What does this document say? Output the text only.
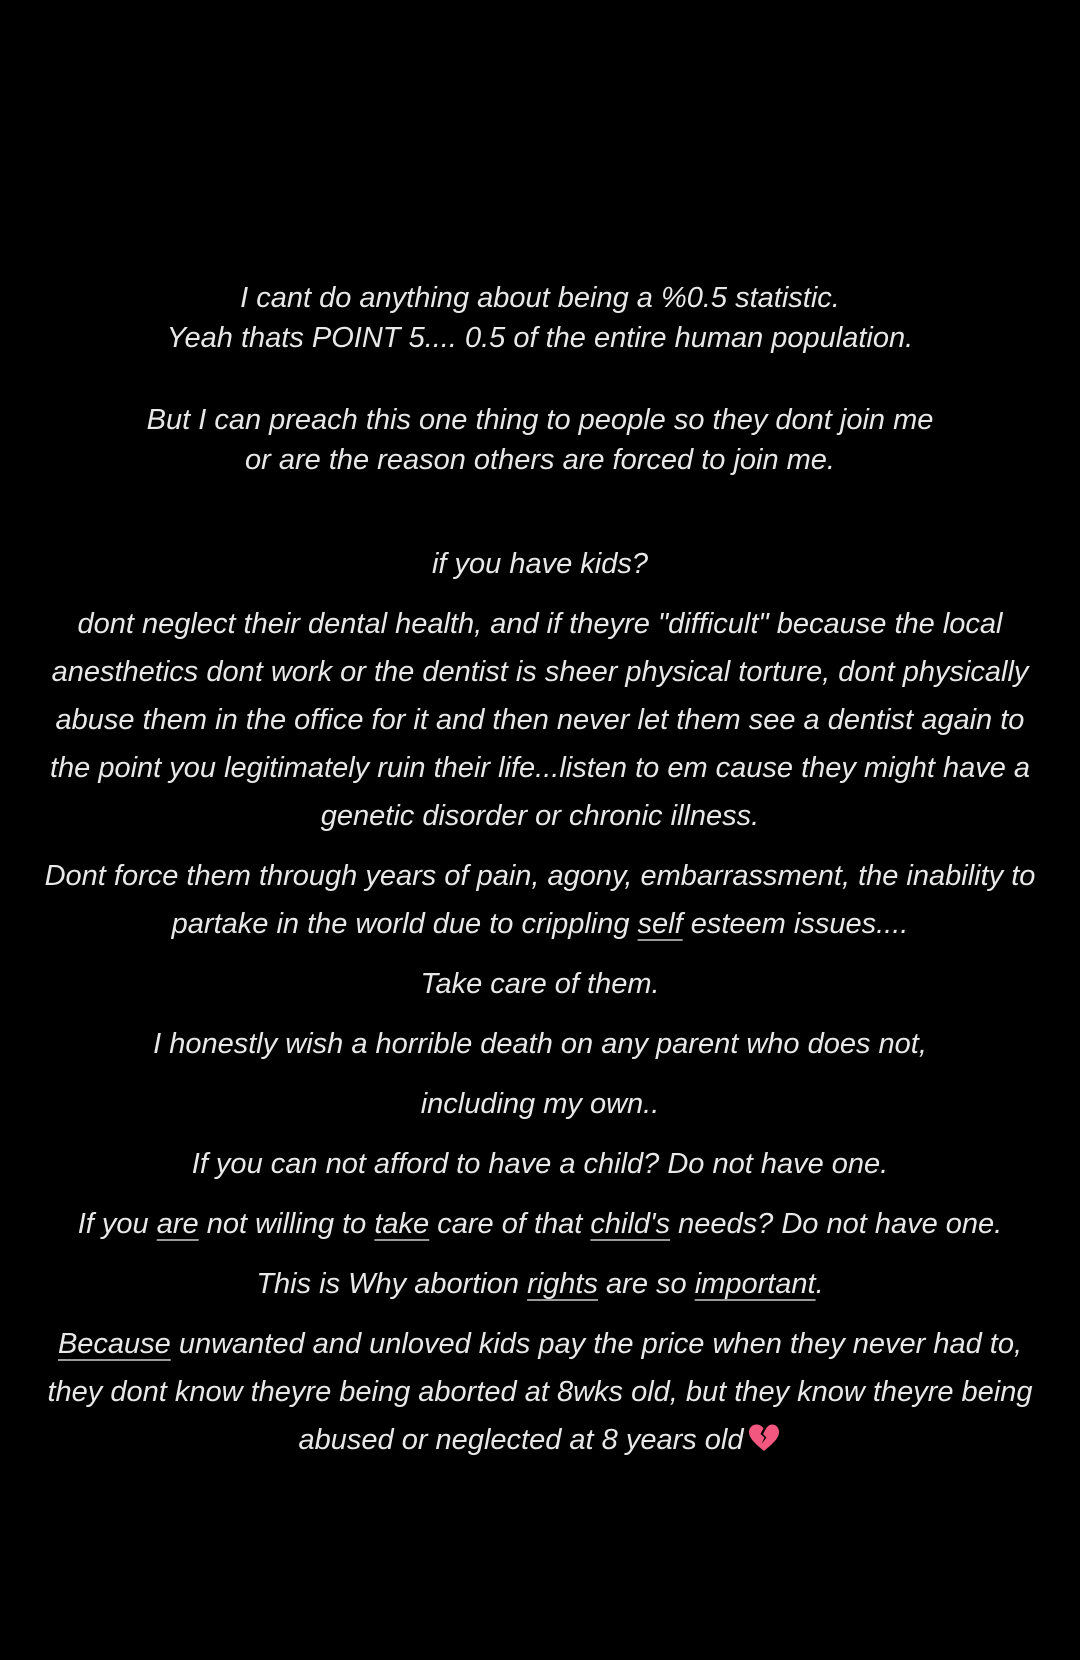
I cant do anything about being a %0.5 statistic.
Yeah thats POINT 5.... 0.5 of the entire human population.
But I can preach this one thing to people so they dont join me
or are the reason others are forced to join me.

if you have kids?

dont neglect their dental health, and if theyre "difficult" because the local anesthetics dont work or the dentist is sheer physical torture, dont physically abuse them in the office for it and then never let them see a dentist again to the point you legitimately ruin their life...listen to em cause they might have a genetic disorder or chronic illness.

Dont force them through years of pain, agony, embarrassment, the inability to partake in the world due to crippling self esteem issues....

Take care of them.

I honestly wish a horrible death on any parent who does not,

including my own..

If you can not afford to have a child? Do not have one.

If you are not willing to take care of that child's needs? Do not have one.

This is Why abortion rights are so important.

Because unwanted and unloved kids pay the price when they never had to, they dont know theyre being aborted at 8wks old, but they know theyre being abused or neglected at 8 years old
